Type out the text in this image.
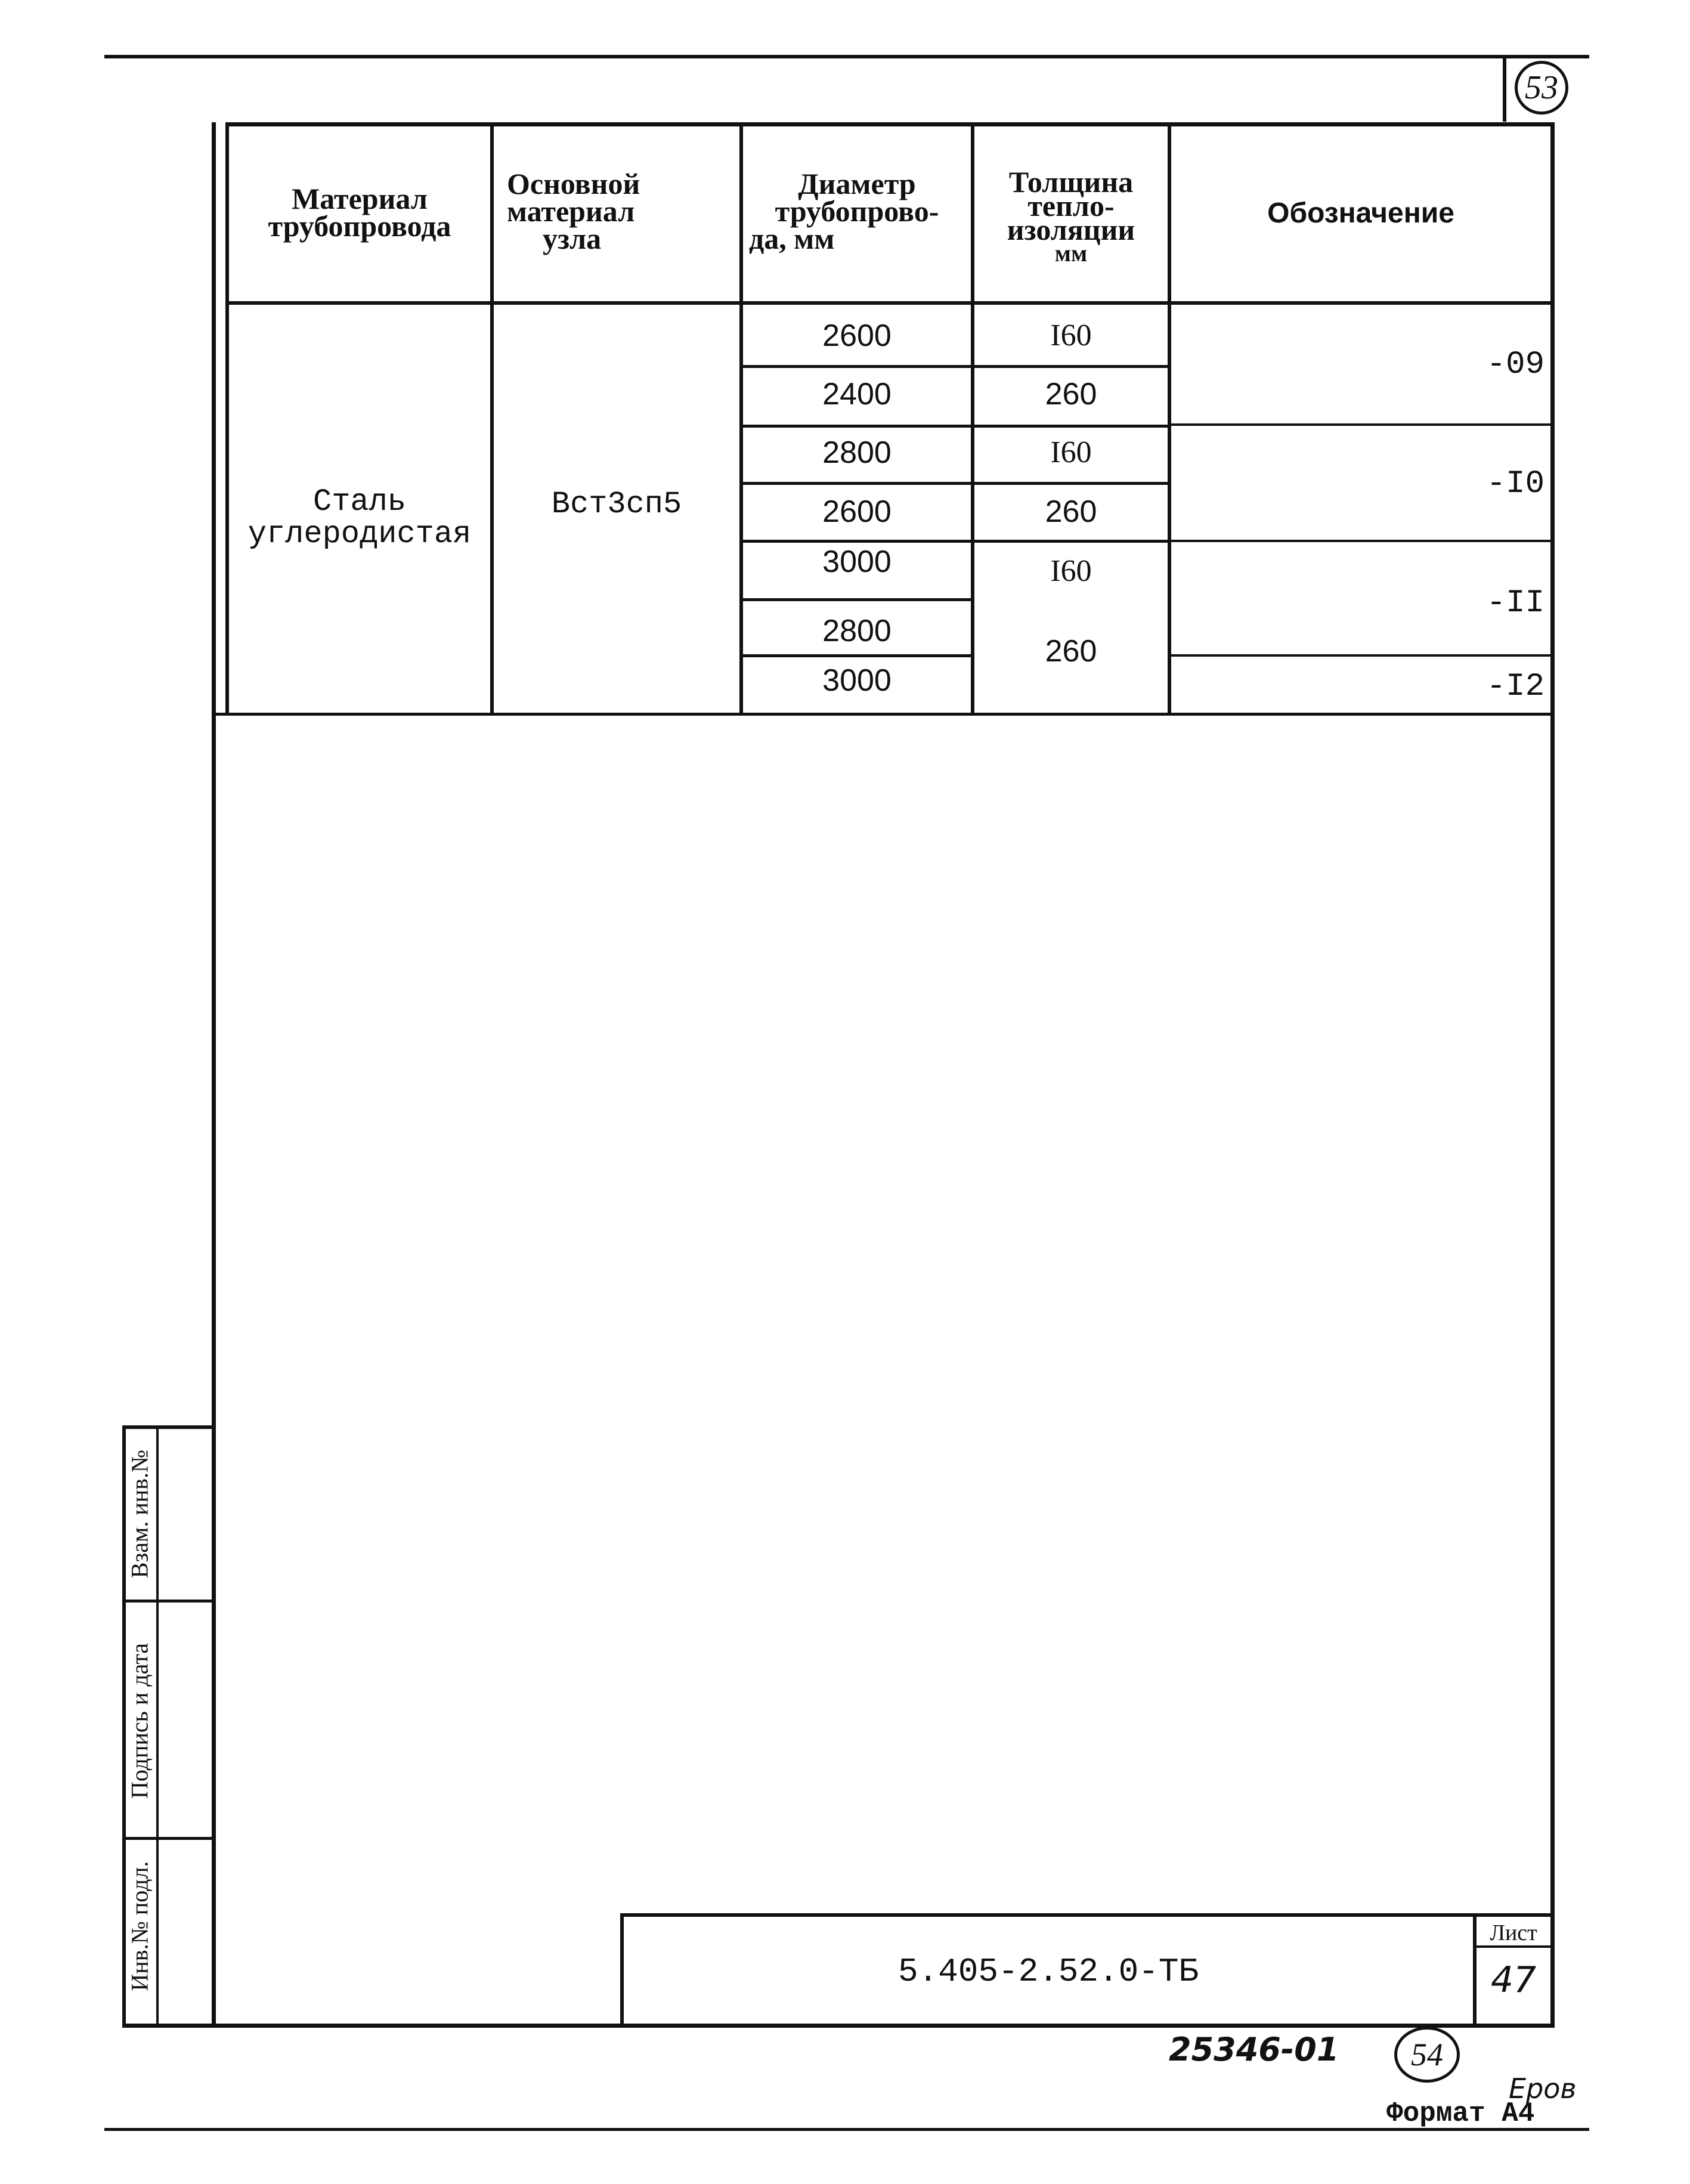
53
Материал
трубопровода
Основной
материал
узла
Диаметр
трубопрово-
да, мм
Толщина
тепло-
изоляции
мм
Обозначение
Сталь
углеродистая
Вст3сп5
2600
2400
2800
2600
3000
2800
3000
I60
260
I60
260
I60
260
-09
-I0
-II
-I2
Инв.№ подл.
Подпись и дата
Взам. инв.№
5.405-2.52.0-ТБ
Лист
47
25346-01	54
Еров
Формат А4
